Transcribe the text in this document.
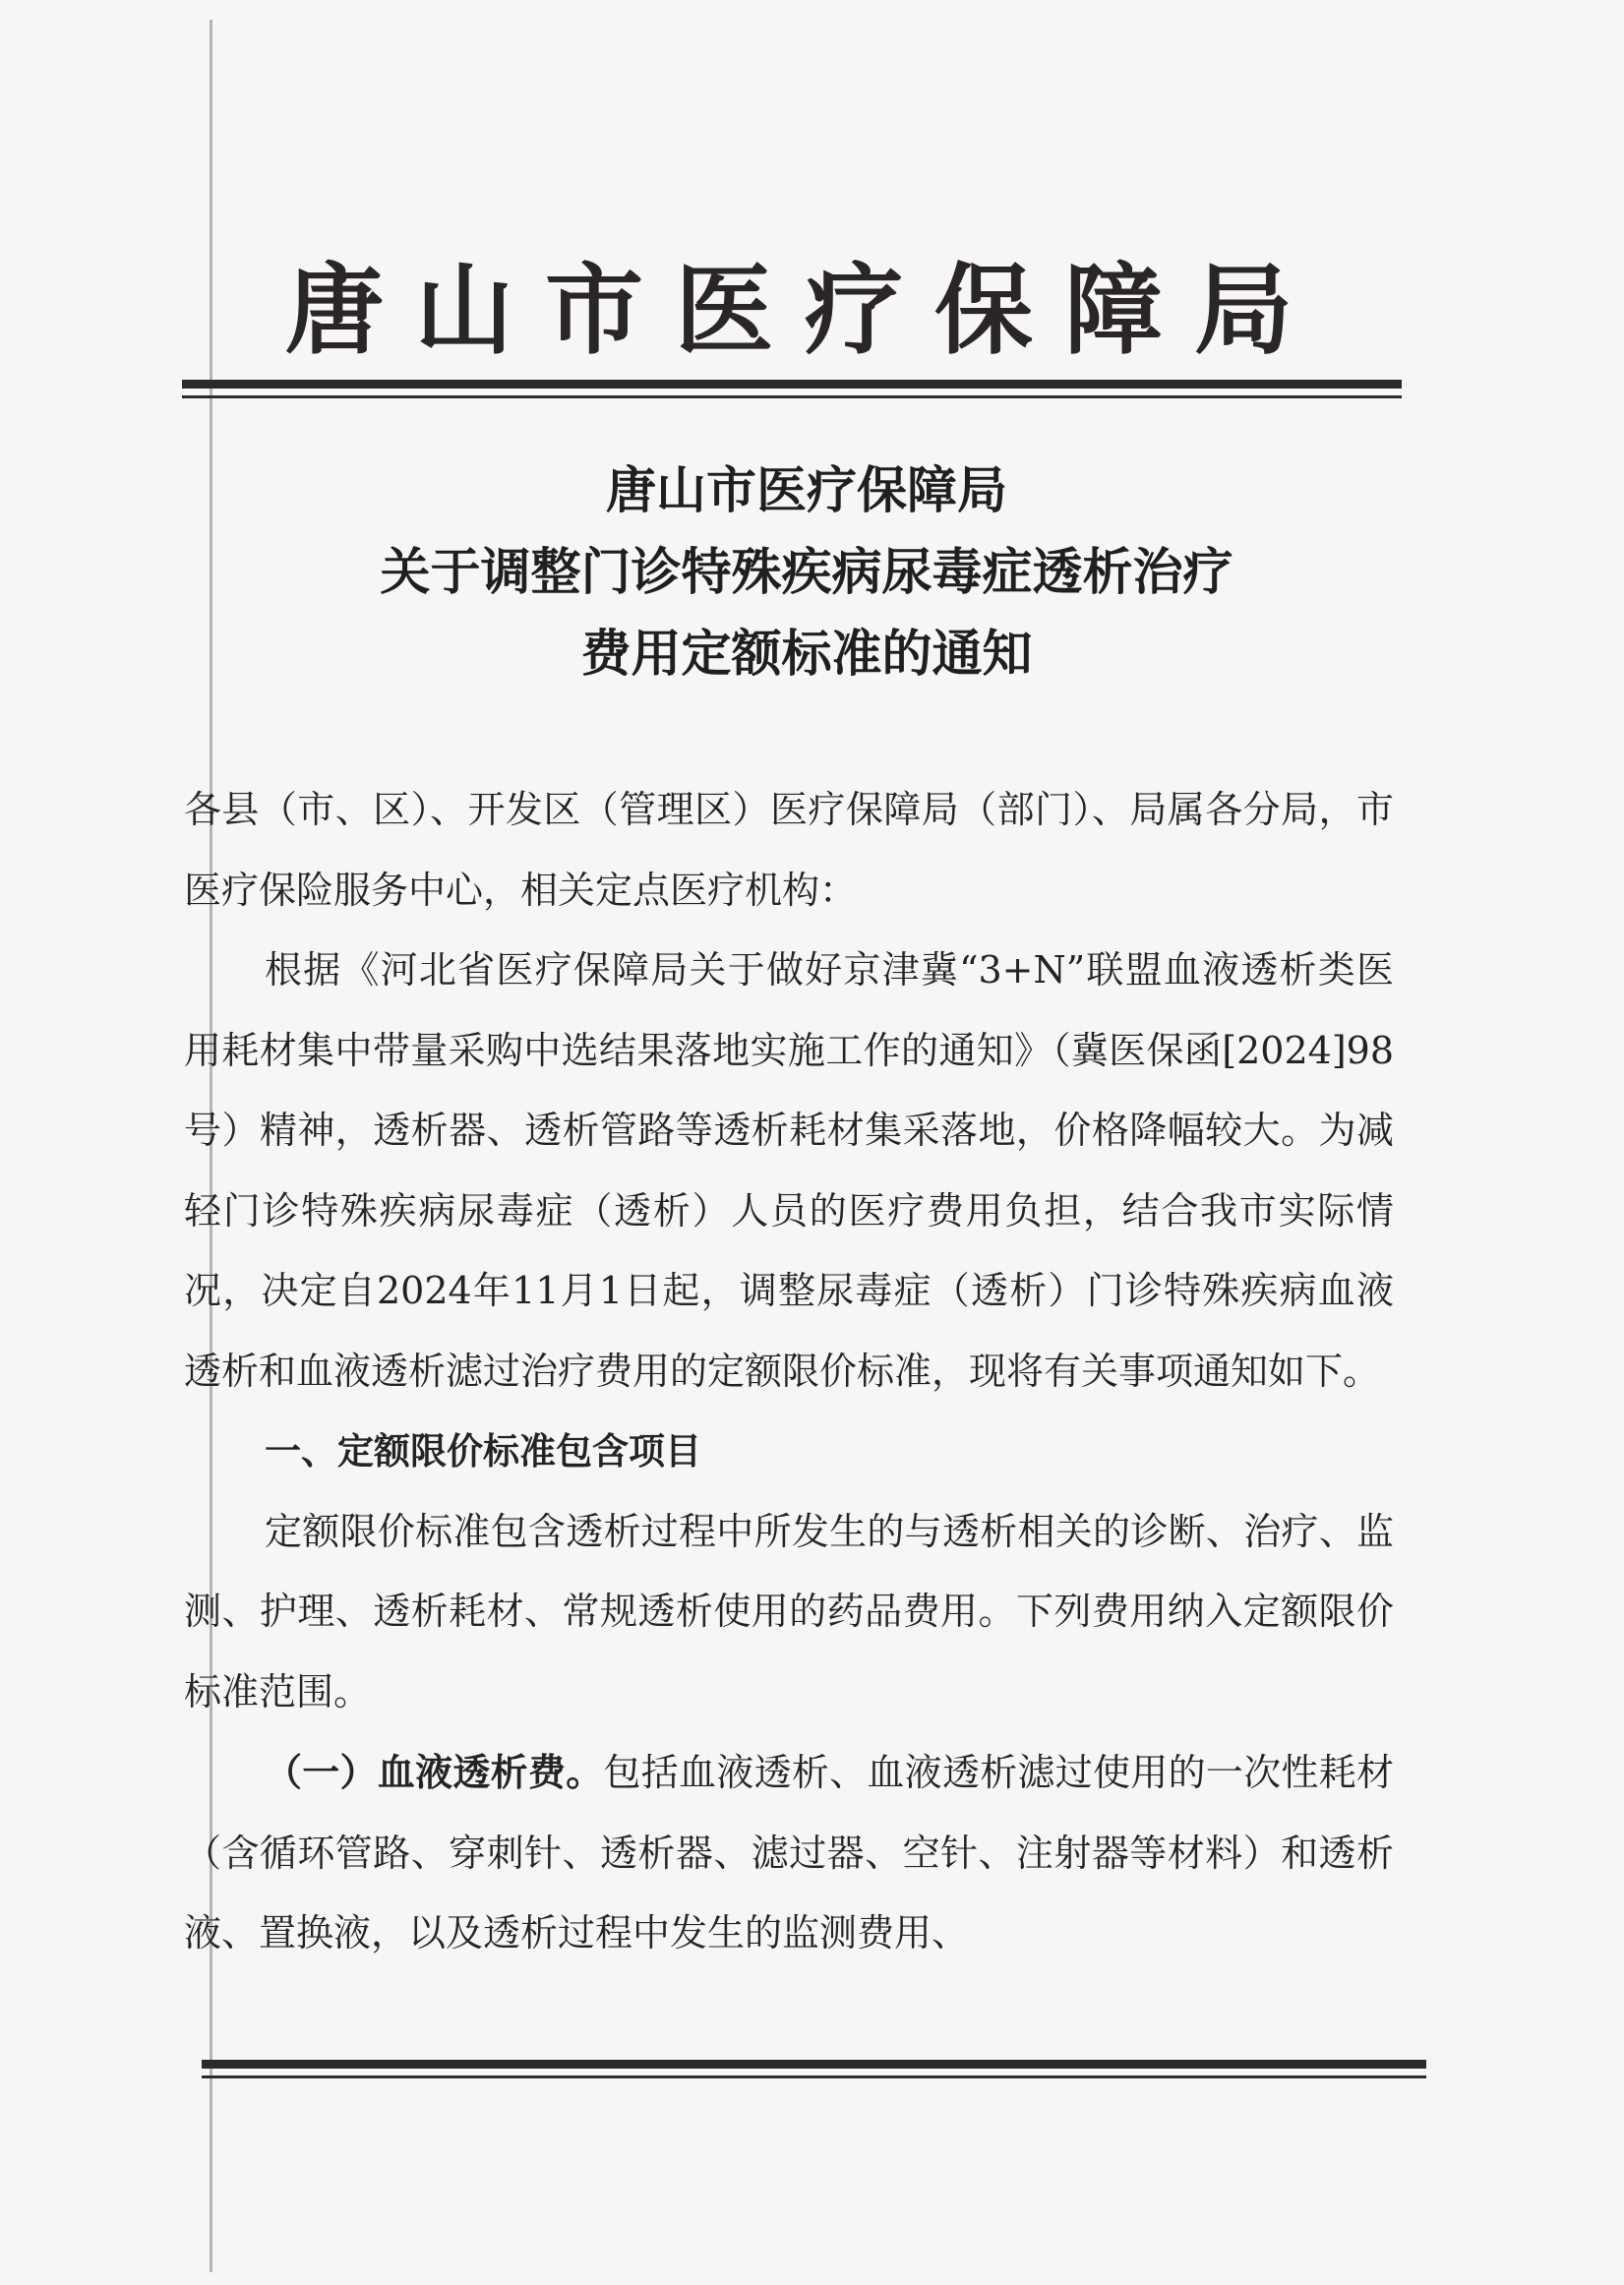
唐山市医疗保障局
唐山市医疗保障局
关于调整门诊特殊疾病尿毒症透析治疗
费用定额标准的通知

各县（市、区）、开发区（管理区）医疗保障局（部门）、局属各分局，市医疗保险服务中心，相关定点医疗机构：

根据《河北省医疗保障局关于做好京津冀“3+N”联盟血液透析类医用耗材集中带量采购中选结果落地实施工作的通知》（冀医保函[2024]98号）精神，透析器、透析管路等透析耗材集采落地，价格降幅较大。为减轻门诊特殊疾病尿毒症（透析）人员的医疗费用负担，结合我市实际情况，决定自2024年11月1日起，调整尿毒症（透析）门诊特殊疾病血液透析和血液透析滤过治疗费用的定额限价标准，现将有关事项通知如下。

一、定额限价标准包含项目

定额限价标准包含透析过程中所发生的与透析相关的诊断、治疗、监测、护理、透析耗材、常规透析使用的药品费用。下列费用纳入定额限价标准范围。

（一）血液透析费。包括血液透析、血液透析滤过使用的一次性耗材（含循环管路、穿刺针、透析器、滤过器、空针、注射器等材料）和透析液、置换液，以及透析过程中发生的监测费用、
